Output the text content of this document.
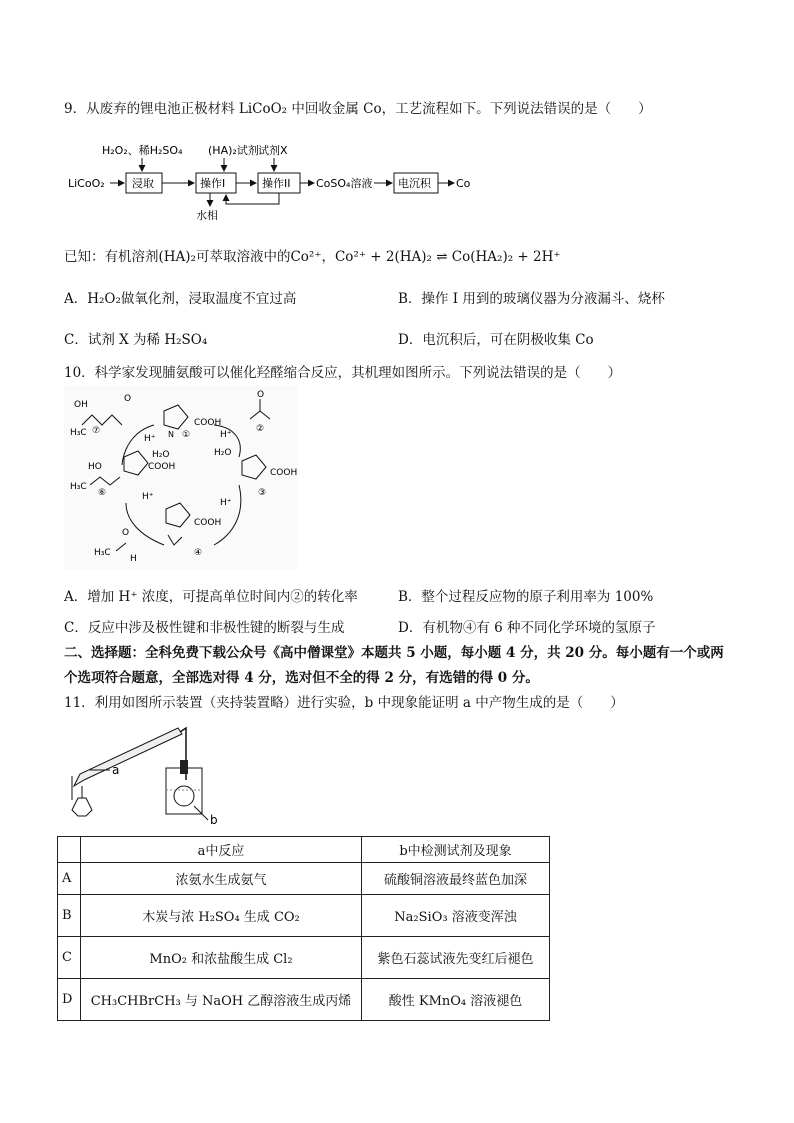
9．从废弃的锂电池正极材料 LiCoO₂ 中回收金属 Co，工艺流程如下。下列说法错误的是（　　）
H₂O₂、稀H₂SO₄ (HA)₂试剂 试剂X
LiCoO₂ 浸取	操作I	操作II CoSO₄溶液 电沉积 Co
水相
已知：有机溶剂(HA)₂可萃取溶液中的Co²⁺，Co²⁺ + 2(HA)₂ ⇌ Co(HA₂)₂ + 2H⁺
A．H₂O₂做氧化剂，浸取温度不宜过高	B．操作 I 用到的玻璃仪器为分液漏斗、烧杯
C．试剂 X 为稀 H₂SO₄	D．电沉积后，可在阴极收集 Co
10．科学家发现脯氨酸可以催化羟醛缩合反应，其机理如图所示。下列说法错误的是（　　）
OH
O
H₃C ⑦	N
COOH
①
H⁺
H₂O
O
②
H⁺
H₂O
COOH
③
HO	COOH
H₃C
⑥
COOH
④
H⁺
H⁺
H₃C
O
H
A．增加 H⁺ 浓度，可提高单位时间内②的转化率	B．整个过程反应物的原子利用率为 100%
C．反应中涉及极性键和非极性键的断裂与生成	D．有机物④有 6 种不同化学环境的氢原子
二、选择题：全科免费下载公众号《高中僧课堂》本题共 5 小题，每小题 4 分，共 20 分。每小题有一个或两
个选项符合题意，全部选对得 4 分，选对但不全的得 2 分，有选错的得 0 分。
11．利用如图所示装置（夹持装置略）进行实验，b 中现象能证明 a 中产物生成的是（　　）
a
b
	a中反应	b中检测试剂及现象
A	浓氨水生成氨气	硫酸铜溶液最终蓝色加深
B	木炭与浓 H₂SO₄ 生成 CO₂	Na₂SiO₃ 溶液变浑浊
C	MnO₂ 和浓盐酸生成 Cl₂	紫色石蕊试液先变红后褪色
D	CH₃CHBrCH₃ 与 NaOH 乙醇溶液生成丙烯	酸性 KMnO₄ 溶液褪色
